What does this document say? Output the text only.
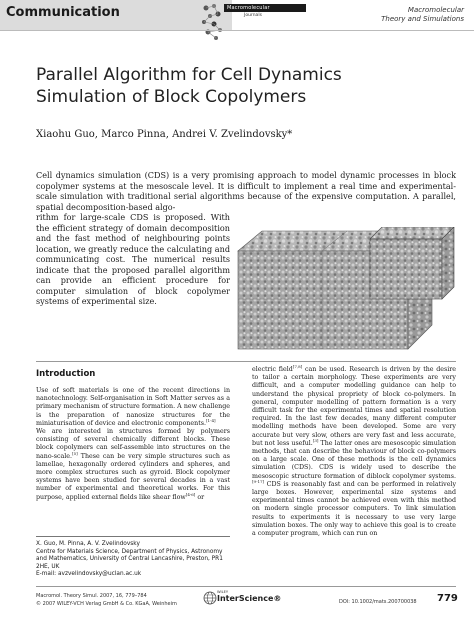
Communication	Macromolecular
Journals
Macromolecular
Theory and Simulations
Parallel Algorithm for Cell Dynamics
Simulation of Block Copolymers
Xiaohu Guo, Marco Pinna, Andrei V. Zvelindovsky*
Cell dynamics simulation (CDS) is a very promising approach to model dynamic processes in block copolymer systems at the mesoscale level. It is difficult to implement a real time and experimental-scale simulation with traditional serial algorithms because of the expensive computation. A parallel, spatial decomposition-based algo-
rithm for large-scale CDS is proposed. With the efficient strategy of domain decomposition and the fast method of neighbouring points location, we greatly reduce the calculating and communicating cost. The numerical results indicate that the proposed parallel algorithm can provide an efficient procedure for computer simulation of block copolymer systems of experimental size.
Introduction

Use of soft materials is one of the recent directions in nanotechnology. Self-organisation in Soft Matter serves as a primary mechanism of structure formation. A new challenge is the preparation of nanosize structures for the miniaturisation of device and electronic components.[1-4]

We are interested in structures formed by polymers consisting of several chemically different blocks. These block copolymers can self-assemble into structures on the nano-scale.[5] These can be very simple structures such as lamellae, hexagonally ordered cylinders and spheres, and more complex structures such as gyroid. Block copolymer systems have been studied for several decades in a vast number of experimental and theoretical works. For this purpose, applied external fields like shear flow[4-6] or

X. Guo, M. Pinna, A. V. Zvelindovsky
Centre for Materials Science, Department of Physics, Astronomy and Mathematics, University of Central Lancashire, Preston, PR1 2HE, UK
E-mail: avzvelindovsky@uclan.ac.uk

electric field[7,8] can be used. Research is driven by the desire to tailor a certain morphology. These experiments are very difficult, and a computer modelling guidance can help to understand the physical propriety of block co-polymers. In general, computer modelling of pattern formation is a very difficult task for the experimental times and spatial resolution required. In the last few decades, many different computer modelling methods have been developed. Some are very accurate but very slow, others are very fast and less accurate, but not less useful.[3] The latter ones are mesoscopic simulation methods, that can describe the behaviour of block co-polymers on a large scale. One of these methods is the cell dynamics simulation (CDS). CDS is widely used to describe the mesoscopic structure formation of diblock copolymer systems.[9-17] CDS is reasonably fast and can be performed in relatively large boxes. However, experimental size systems and experimental times cannot be achieved even with this method on modern single processor computers. To link simulation results to experiments it is necessary to use very large simulation boxes. The only way to achieve this goal is to create a computer program, which can run on

Macromol. Theory Simul. 2007, 16, 779–784
© 2007 WILEY-VCH Verlag GmbH & Co. KGaA, Weinheim
WILEY
InterScience®	DOI: 10.1002/mats.200700038 779
